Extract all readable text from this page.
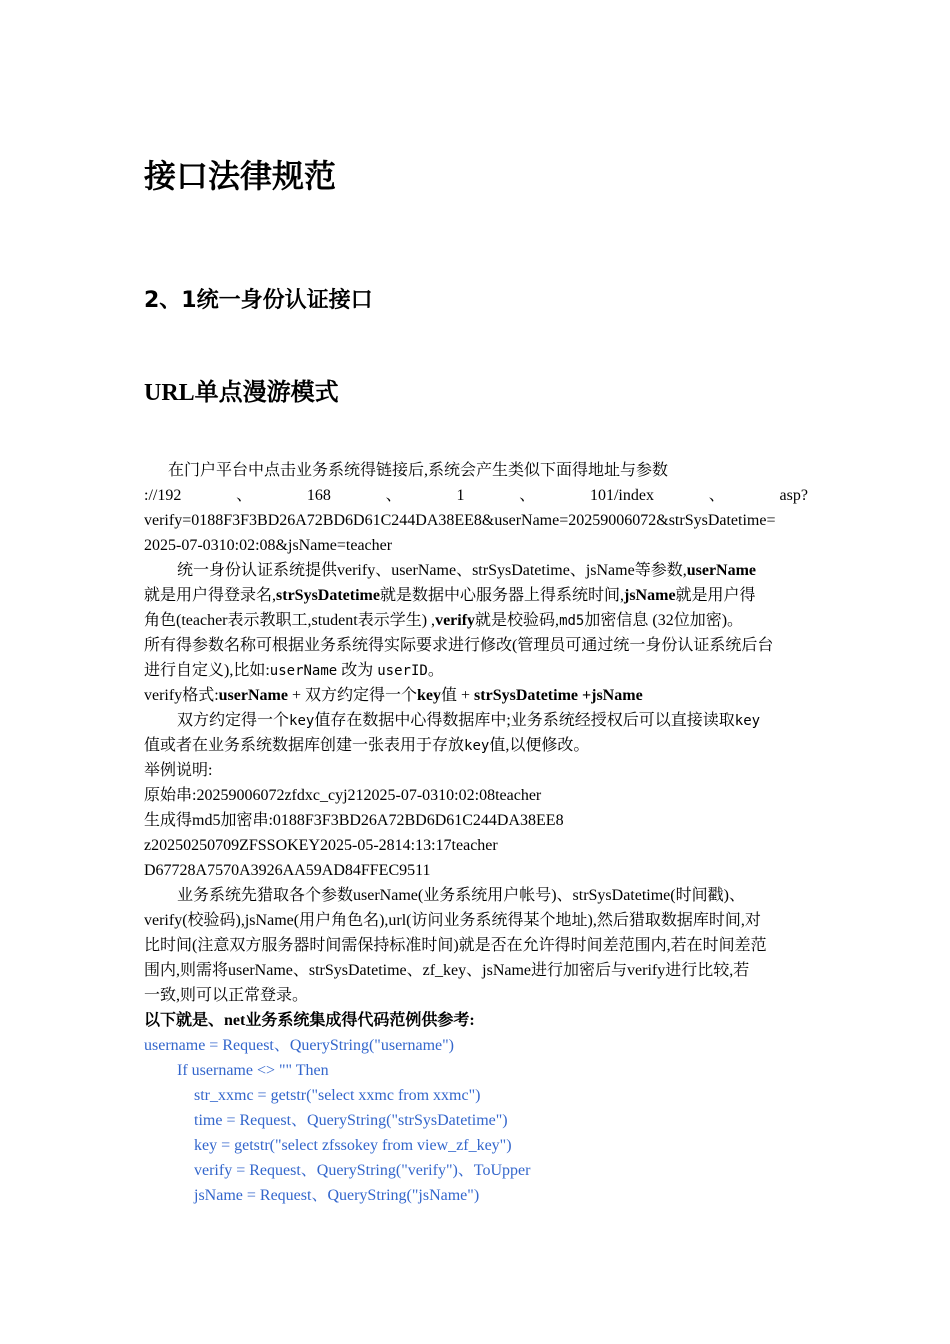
接口法律规范
2、1统一身份认证接口
URL单点漫游模式
在门户平台中点击业务系统得链接后,系统会产生类似下面得地址与参数
://192	、	168	、	1	、	101/index	、	asp?
verify=0188F3F3BD26A72BD6D61C244DA38EE8&userName=20259006072&strSysDatetime=
2025-07-0310:02:08&jsName=teacher
统一身份认证系统提供verify、userName、strSysDatetime、jsName等参数,userName
就是用户得登录名,strSysDatetime就是数据中心服务器上得系统时间,jsName就是用户得
角色(teacher表示教职工,student表示学生) ,verify就是校验码,md5加密信息 (32位加密)。
所有得参数名称可根据业务系统得实际要求进行修改(管理员可通过统一身份认证系统后台
进行自定义),比如:userName 改为 userID。
verify格式:userName + 双方约定得一个key值 + strSysDatetime +jsName
双方约定得一个key值存在数据中心得数据库中;业务系统经授权后可以直接读取key
值或者在业务系统数据库创建一张表用于存放key值,以便修改。
举例说明:
原始串:20259006072zfdxc_cyj212025-07-0310:02:08teacher
生成得md5加密串:0188F3F3BD26A72BD6D61C244DA38EE8
z20250250709ZFSSOKEY2025-05-2814:13:17teacher
D67728A7570A3926AA59AD84FFEC9511
业务系统先猎取各个参数userName(业务系统用户帐号)、strSysDatetime(时间戳)、
verify(校验码),jsName(用户角色名),url(访问业务系统得某个地址),然后猎取数据库时间,对
比时间(注意双方服务器时间需保持标准时间)就是否在允许得时间差范围内,若在时间差范
围内,则需将userName、strSysDatetime、zf_key、jsName进行加密后与verify进行比较,若
一致,则可以正常登录。
以下就是、net业务系统集成得代码范例供参考:
username = Request、QueryString("username")
If username <> "" Then
str_xxmc = getstr("select xxmc from xxmc")
time = Request、QueryString("strSysDatetime")
key = getstr("select zfssokey from view_zf_key")
verify = Request、QueryString("verify")、ToUpper
jsName = Request、QueryString("jsName")
